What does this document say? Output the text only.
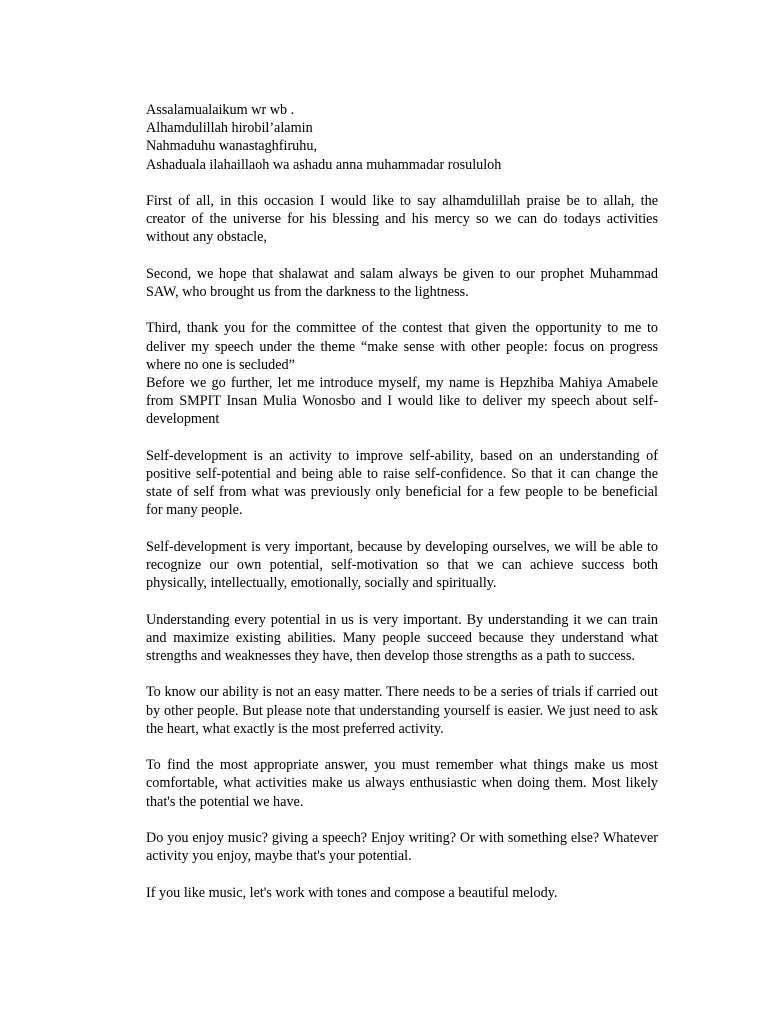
Assalamualaikum wr wb .
Alhamdulillah hirobil’alamin
Nahmaduhu wanastaghfiruhu,
Ashaduala ilahaillaoh wa ashadu anna muhammadar rosululoh

First of all, in this occasion I would like to say alhamdulillah praise be to allah, the creator of the universe for his blessing and his mercy so we can do todays activities without any obstacle,

Second, we hope that shalawat and salam always be given to our prophet Muhammad SAW, who brought us from the darkness to the lightness.

Third, thank you for the committee of the contest that given the opportunity to me to deliver my speech under the theme “make sense with other people: focus on progress where no one is secluded”

Before we go further, let me introduce myself, my name is Hepzhiba Mahiya Amabele from SMPIT Insan Mulia Wonosbo and I would like to deliver my speech about self-development

Self-development is an activity to improve self-ability, based on an understanding of positive self-potential and being able to raise self-confidence. So that it can change the state of self from what was previously only beneficial for a few people to be beneficial for many people.

Self-development is very important, because by developing ourselves, we will be able to recognize our own potential, self-motivation so that we can achieve success both physically, intellectually, emotionally, socially and spiritually.

Understanding every potential in us is very important. By understanding it we can train and maximize existing abilities. Many people succeed because they understand what strengths and weaknesses they have, then develop those strengths as a path to success.

To know our ability is not an easy matter. There needs to be a series of trials if carried out by other people. But please note that understanding yourself is easier. We just need to ask the heart, what exactly is the most preferred activity.

To find the most appropriate answer, you must remember what things make us most comfortable, what activities make us always enthusiastic when doing them. Most likely that's the potential we have.

Do you enjoy music? giving a speech? Enjoy writing? Or with something else? Whatever activity you enjoy, maybe that's your potential.

If you like music, let's work with tones and compose a beautiful melody.
